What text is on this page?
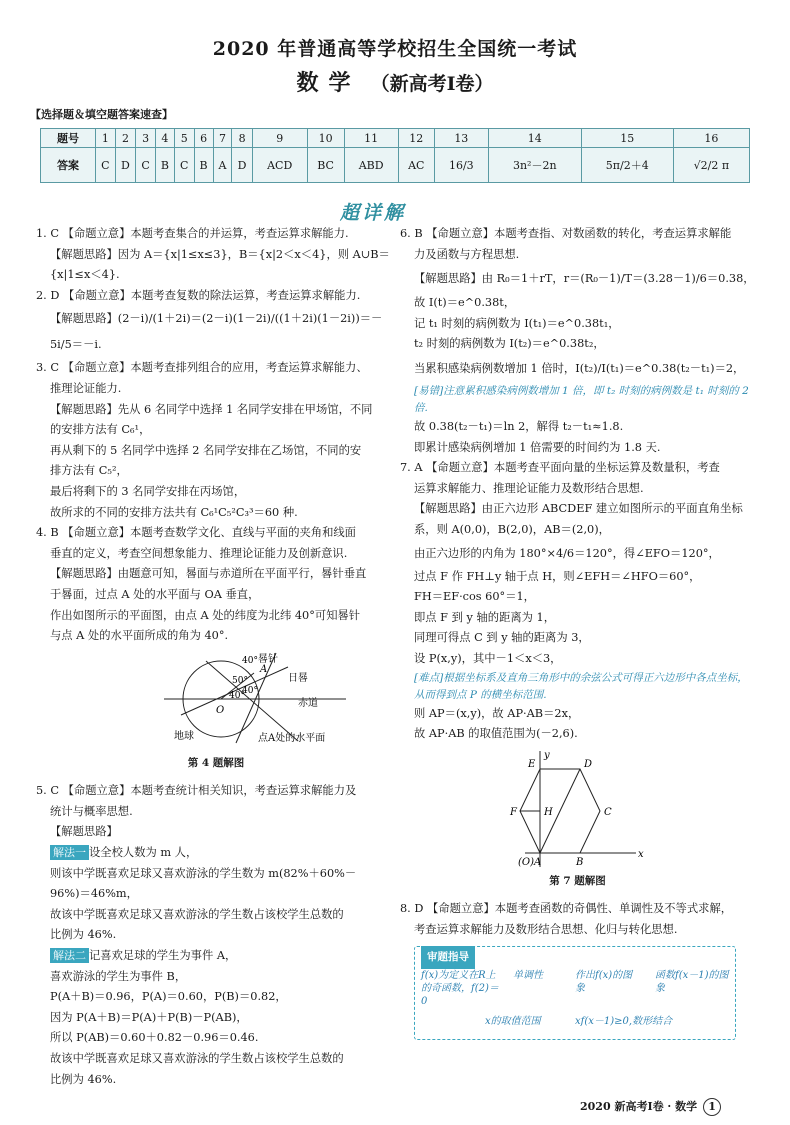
2020 年普通高等学校招生全国统一考试
数学 （新高考Ⅰ卷）
【选择题＆填空题答案速查】
题号	1	2	3	4	5	6	7	8	9	10	11	12	13	14	15	16
答案	C	D	C	B	C	B	A	D	ACD	BC	ABD	AC	16/3	3n²－2n	5π/2＋4	√2/2 π
超详解

1. C 【命题立意】本题考查集合的并运算，考查运算求解能力.

【解题思路】因为 A＝{x|1≤x≤3}，B＝{x|2＜x＜4}，则 A∪B＝

{x|1≤x＜4}.

2. D 【命题立意】本题考查复数的除法运算，考查运算求解能力.

【解题思路】(2－i)/(1＋2i)＝(2－i)(1－2i)/((1＋2i)(1－2i))＝－5i/5＝－i.

3. C 【命题立意】本题考查排列组合的应用，考查运算求解能力、

推理论证能力.

【解题思路】先从 6 名同学中选择 1 名同学安排在甲场馆，不同

的安排方法有 C₆¹，

再从剩下的 5 名同学中选择 2 名同学安排在乙场馆，不同的安

排方法有 C₅²，

最后将剩下的 3 名同学安排在丙场馆，

故所求的不同的安排方法共有 C₆¹C₅²C₃³＝60 种.

4. B 【命题立意】本题考查数学文化、直线与平面的夹角和线面

垂直的定义，考查空间想象能力、推理论证能力及创新意识.

【解题思路】由题意可知，晷面与赤道所在平面平行，晷针垂直

于晷面，过点 A 处的水平面与 OA 垂直，

作出如图所示的平面图，由点 A 处的纬度为北纬 40°可知晷针

与点 A 处的水平面所成的角为 40°.

晷针
日晷
赤道
地球	点A处的水平面
40°
50°
40°
40°
A
O

第 4 题解图

5. C 【命题立意】本题考查统计相关知识，考查运算求解能力及

统计与概率思想.

【解题思路】

解法一 设全校人数为 m 人，

则该中学既喜欢足球又喜欢游泳的学生数为 m(82%＋60%－

96%)＝46%m，

故该中学既喜欢足球又喜欢游泳的学生数占该校学生总数的

比例为 46%.

解法二 记喜欢足球的学生为事件 A，

喜欢游泳的学生为事件 B，

P(A＋B)＝0.96，P(A)＝0.60，P(B)＝0.82，

因为 P(A＋B)＝P(A)＋P(B)－P(AB)，

所以 P(AB)＝0.60＋0.82－0.96＝0.46.

故该中学既喜欢足球又喜欢游泳的学生数占该校学生总数的

比例为 46%.

6. B 【命题立意】本题考查指、对数函数的转化，考查运算求解能

力及函数与方程思想.

【解题思路】由 R₀＝1＋rT，r＝(R₀－1)/T＝(3.28－1)/6＝0.38，

故 I(t)＝e^0.38t，

记 t₁ 时刻的病例数为 I(t₁)＝e^0.38t₁，

t₂ 时刻的病例数为 I(t₂)＝e^0.38t₂，

当累积感染病例数增加 1 倍时，I(t₂)/I(t₁)＝e^0.38(t₂－t₁)＝2，

[易错]注意累积感染病例数增加 1 倍，即 t₂ 时刻的病例数是 t₁ 时刻的 2 倍.

故 0.38(t₂－t₁)＝ln 2，解得 t₂－t₁≈1.8.

即累计感染病例增加 1 倍需要的时间约为 1.8 天.

7. A 【命题立意】本题考查平面向量的坐标运算及数量积，考查

运算求解能力、推理论证能力及数形结合思想.

【解题思路】由正六边形 ABCDEF 建立如图所示的平面直角坐标

系，则 A(0,0)，B(2,0)，AB＝(2,0)，

由正六边形的内角为 180°×4/6＝120°，得∠EFO＝120°，

过点 F 作 FH⊥y 轴于点 H，则∠EFH＝∠HFO＝60°，

FH＝EF·cos 60°＝1，

即点 F 到 y 轴的距离为 1，

同理可得点 C 到 y 轴的距离为 3，

设 P(x,y)，其中－1＜x＜3，

[难点]根据坐标系及直角三角形中的余弦公式可得正六边形中各点坐标，从而得到点 P 的横坐标范围.

则 AP＝(x,y)，故 AP·AB＝2x，

故 AP·AB 的取值范围为(－2,6).

E	D
F	H	C
(O)A	B
x
y

第 7 题解图

8. D 【命题立意】本题考查函数的奇偶性、单调性及不等式求解，

考查运算求解能力及数形结合思想、化归与转化思想.

审题指导
f(x)为定义在R上的奇函数，f(2)＝0
单调性	作出f(x)的图象
函数f(x－1)的图象
xf(x－1)≥0,数形结合
x的取值范围
2020 新高考Ⅰ卷 · 数学 1
